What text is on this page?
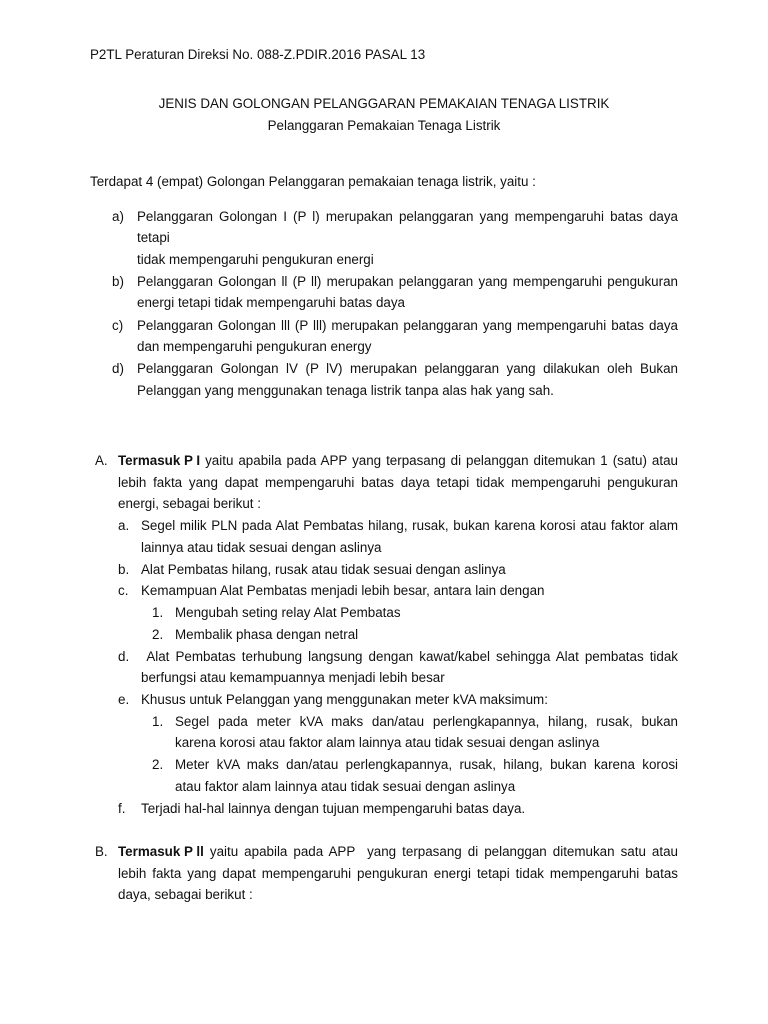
P2TL Peraturan Direksi No. 088-Z.PDIR.2016 PASAL 13
JENIS DAN GOLONGAN PELANGGARAN PEMAKAIAN TENAGA LISTRIK
Pelanggaran Pemakaian Tenaga Listrik
Terdapat 4 (empat) Golongan Pelanggaran pemakaian tenaga listrik, yaitu :
a) Pelanggaran Golongan I (P l) merupakan pelanggaran yang mempengaruhi batas daya
tetapi
tidak mempengaruhi pengukuran energi
b) Pelanggaran Golongan ll (P ll) merupakan pelanggaran yang mempengaruhi pengukuran
energi tetapi tidak mempengaruhi batas daya
c) Pelanggaran Golongan lll (P lll) merupakan pelanggaran yang mempengaruhi batas daya
dan mempengaruhi pengukuran energy
d) Pelanggaran Golongan lV (P lV) merupakan pelanggaran yang dilakukan oleh Bukan
Pelanggan yang menggunakan tenaga listrik tanpa alas hak yang sah.
A. Termasuk P I yaitu apabila pada APP yang terpasang di pelanggan ditemukan 1 (satu) atau
lebih fakta yang dapat mempengaruhi batas daya tetapi tidak mempengaruhi pengukuran
energi, sebagai berikut :
a. Segel milik PLN pada Alat Pembatas hilang, rusak, bukan karena korosi atau faktor alam
lainnya atau tidak sesuai dengan aslinya
b. Alat Pembatas hilang, rusak atau tidak sesuai dengan aslinya
c. Kemampuan Alat Pembatas menjadi lebih besar, antara lain dengan
1. Mengubah seting relay Alat Pembatas
2. Membalik phasa dengan netral
d. Alat Pembatas terhubung langsung dengan kawat/kabel sehingga Alat pembatas tidak
berfungsi atau kemampuannya menjadi lebih besar
e. Khusus untuk Pelanggan yang menggunakan meter kVA maksimum:
1. Segel pada meter kVA maks dan/atau perlengkapannya, hilang, rusak, bukan
karena korosi atau faktor alam lainnya atau tidak sesuai dengan aslinya
2. Meter kVA maks dan/atau perlengkapannya, rusak, hilang, bukan karena korosi
atau faktor alam lainnya atau tidak sesuai dengan aslinya
f. Terjadi hal-hal lainnya dengan tujuan mempengaruhi batas daya.
B. Termasuk P ll yaitu apabila pada APP  yang terpasang di pelanggan ditemukan satu atau
lebih fakta yang dapat mempengaruhi pengukuran energi tetapi tidak mempengaruhi batas
daya, sebagai berikut :
